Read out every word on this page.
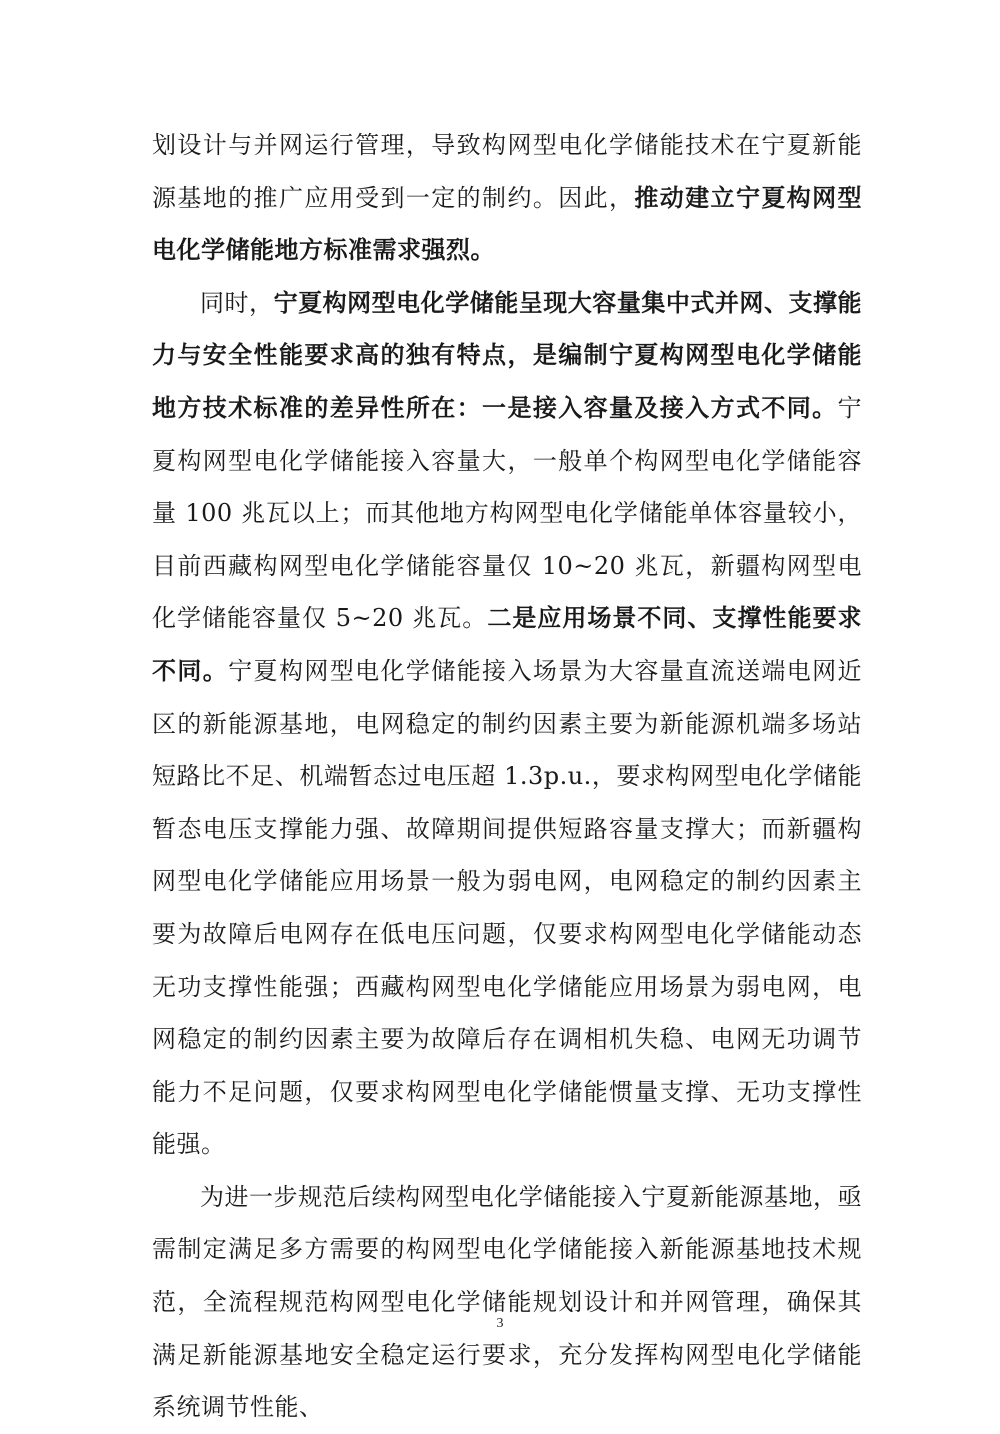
划设计与并网运行管理，导致构网型电化学储能技术在宁夏新能源基地的推广应用受到一定的制约。因此，推动建立宁夏构网型电化学储能地方标准需求强烈。

同时，宁夏构网型电化学储能呈现大容量集中式并网、支撑能力与安全性能要求高的独有特点，是编制宁夏构网型电化学储能地方技术标准的差异性所在：一是接入容量及接入方式不同。宁夏构网型电化学储能接入容量大，一般单个构网型电化学储能容量 100 兆瓦以上；而其他地方构网型电化学储能单体容量较小，目前西藏构网型电化学储能容量仅 10~20 兆瓦，新疆构网型电化学储能容量仅 5~20 兆瓦。二是应用场景不同、支撑性能要求不同。宁夏构网型电化学储能接入场景为大容量直流送端电网近区的新能源基地，电网稳定的制约因素主要为新能源机端多场站短路比不足、机端暂态过电压超 1.3p.u.，要求构网型电化学储能暂态电压支撑能力强、故障期间提供短路容量支撑大；而新疆构网型电化学储能应用场景一般为弱电网，电网稳定的制约因素主要为故障后电网存在低电压问题，仅要求构网型电化学储能动态无功支撑性能强；西藏构网型电化学储能应用场景为弱电网，电网稳定的制约因素主要为故障后存在调相机失稳、电网无功调节能力不足问题，仅要求构网型电化学储能惯量支撑、无功支撑性能强。

为进一步规范后续构网型电化学储能接入宁夏新能源基地，亟需制定满足多方需要的构网型电化学储能接入新能源基地技术规范，全流程规范构网型电化学储能规划设计和并网管理，确保其满足新能源基地安全稳定运行要求，充分发挥构网型电化学储能系统调节性能、

3
